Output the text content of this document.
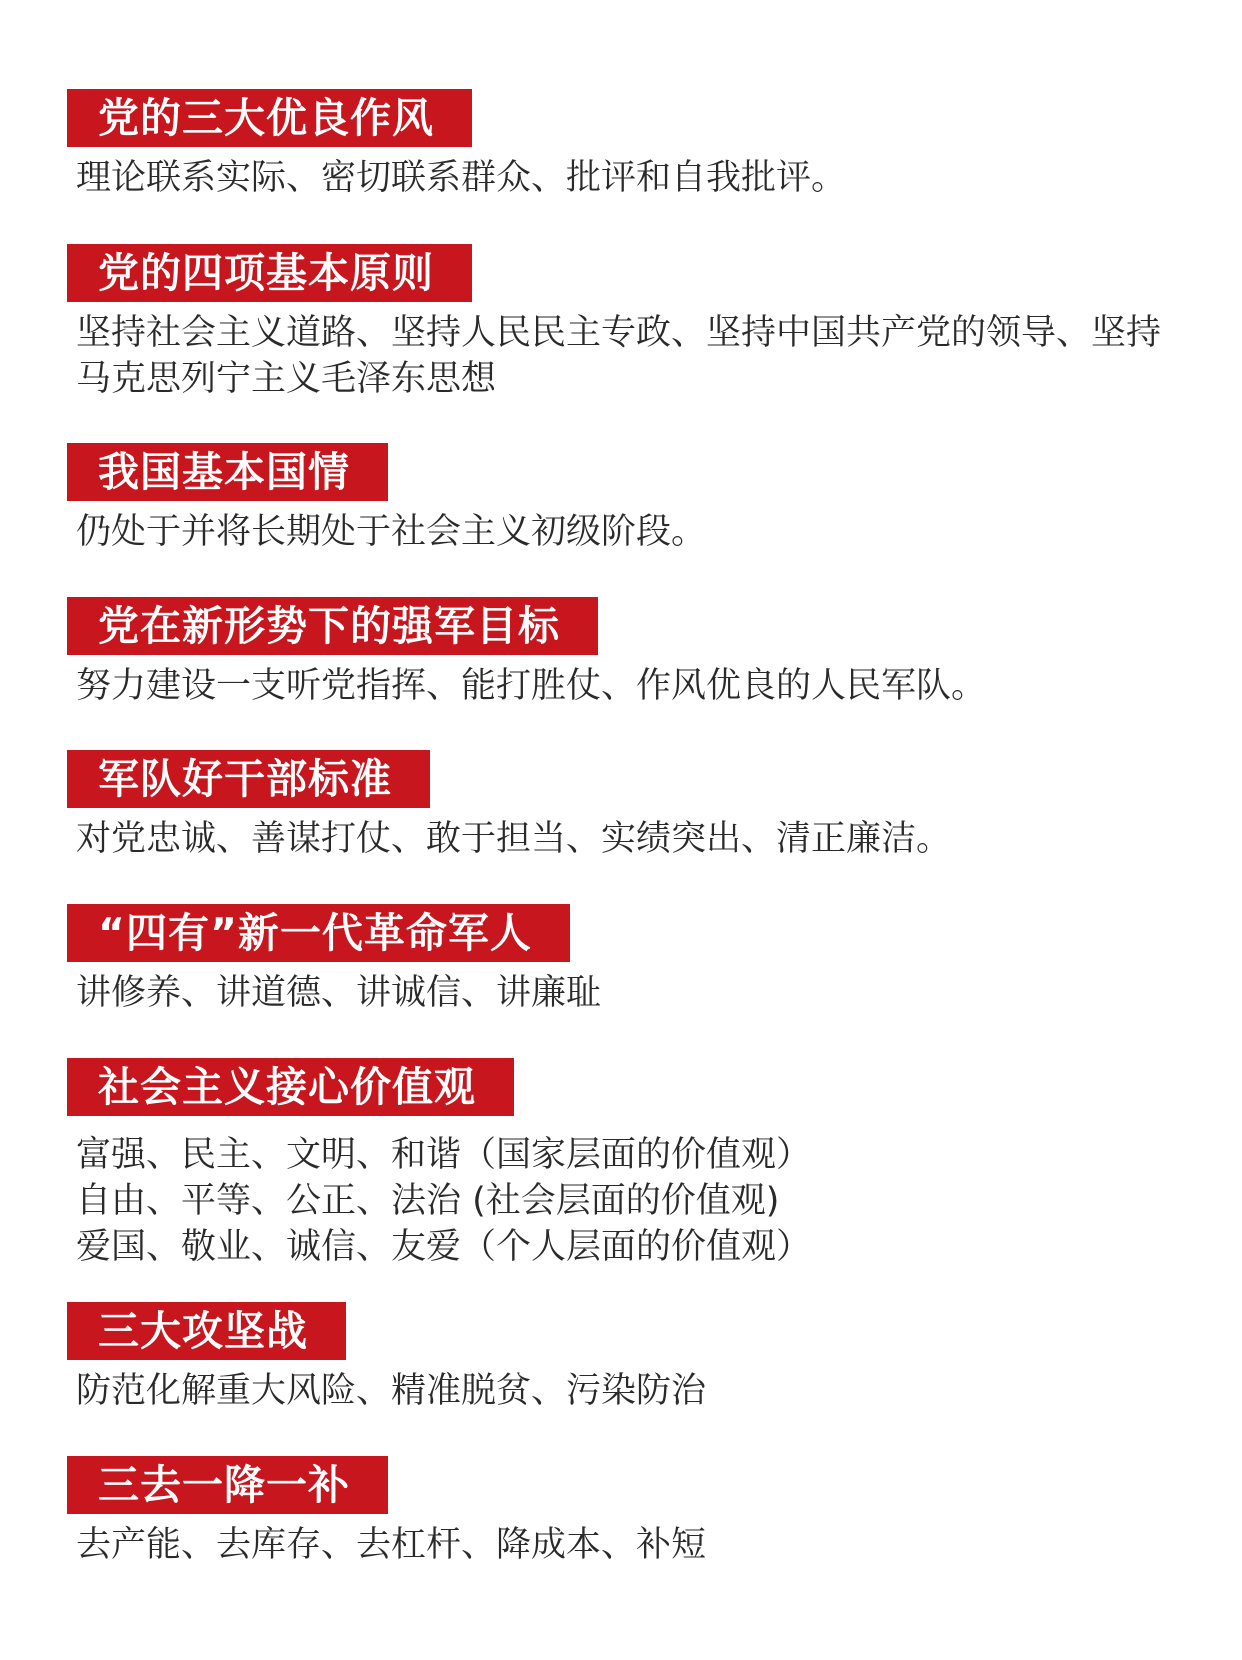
党的三大优良作风
理论联系实际、密切联系群众、批评和自我批评。
党的四项基本原则
坚持社会主义道路、坚持人民民主专政、坚持中国共产党的领导、坚持
马克思列宁主义毛泽东思想
我国基本国情
仍处于并将长期处于社会主义初级阶段。
党在新形势下的强军目标
努力建设一支听党指挥、能打胜仗、作风优良的人民军队。
军队好干部标准
对党忠诚、善谋打仗、敢于担当、实绩突出、清正廉洁。
“四有”新一代革命军人
讲修养、讲道德、讲诚信、讲廉耻
社会主义接心价值观
富强、民主、文明、和谐（国家层面的价值观）
自由、平等、公正、法治 (社会层面的价值观)
爱国、敬业、诚信、友爱（个人层面的价值观）
三大攻坚战
防范化解重大风险、精准脱贫、污染防治
三去一降一补
去产能、去库存、去杠杆、降成本、补短
